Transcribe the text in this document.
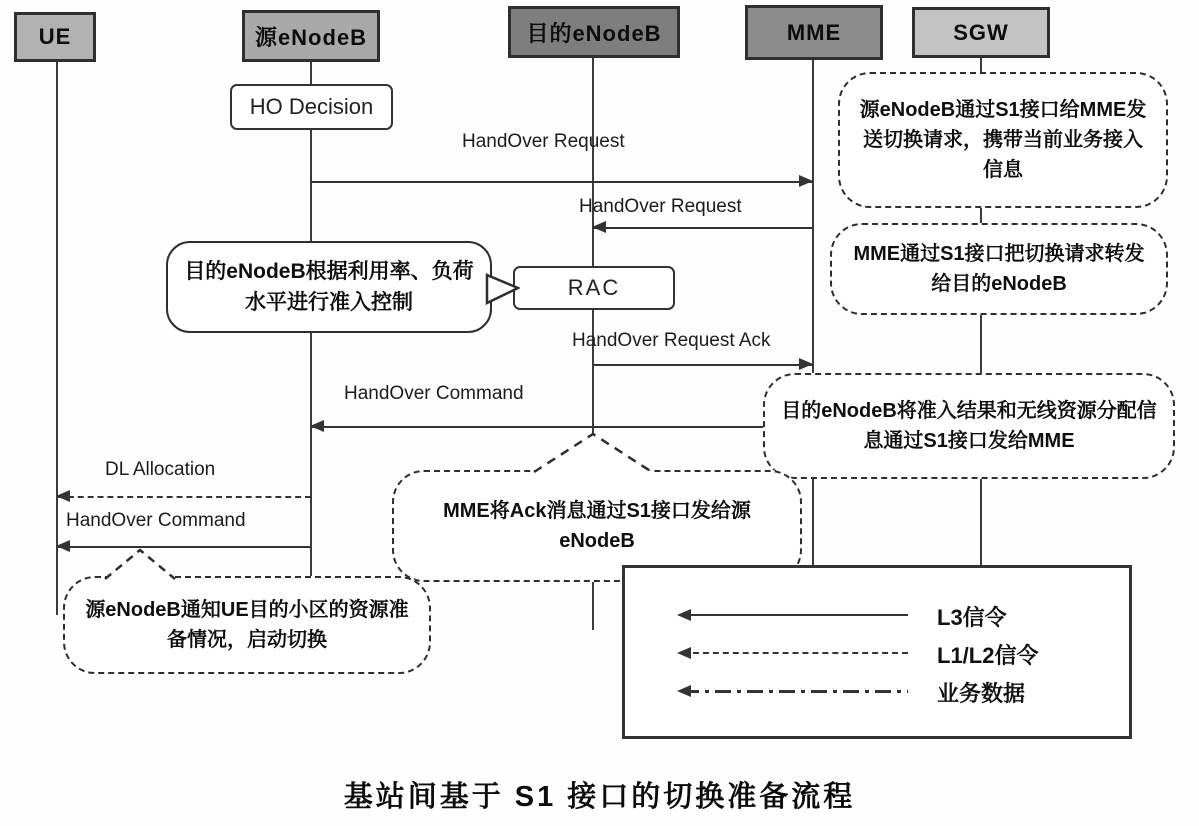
UE	源eNodeB	目的eNodeB	MME	SGW
HO Decision
RAC
HandOver Request
HandOver Request
HandOver Request Ack
HandOver Command
DL Allocation
HandOver Command
源eNodeB通过S1接口给MME发送切换请求，携带当前业务接入信息
MME通过S1接口把切换请求转发给目的eNodeB
目的eNodeB根据利用率、负荷水平进行准入控制
目的eNodeB将准入结果和无线资源分配信息通过S1接口发给MME
MME将Ack消息通过S1接口发给源eNodeB
源eNodeB通知UE目的小区的资源准备情况，启动切换
L3信令
L1/L2信令
业务数据
基站间基于 S1 接口的切换准备流程
